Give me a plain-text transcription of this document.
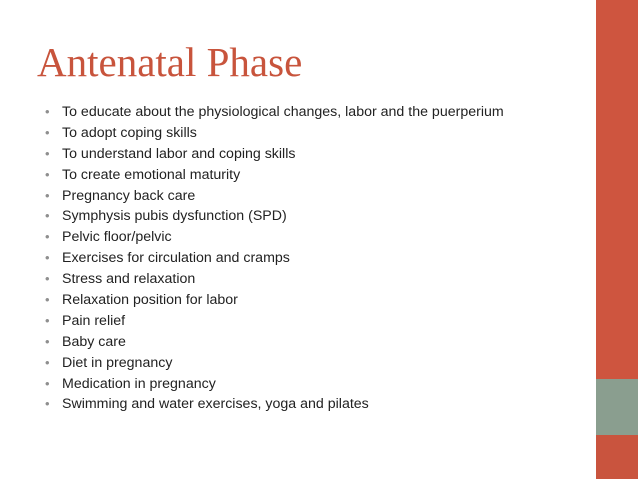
Antenatal Phase
• To educate about the physiological changes, labor and the puerperium
• To adopt coping skills
• To understand labor and coping skills
• To create emotional maturity
• Pregnancy back care
• Symphysis pubis dysfunction (SPD)
• Pelvic floor/pelvic
• Exercises for circulation and cramps
• Stress and relaxation
• Relaxation position for labor
• Pain relief
• Baby care
• Diet in pregnancy
• Medication in pregnancy
• Swimming and water exercises, yoga and pilates
